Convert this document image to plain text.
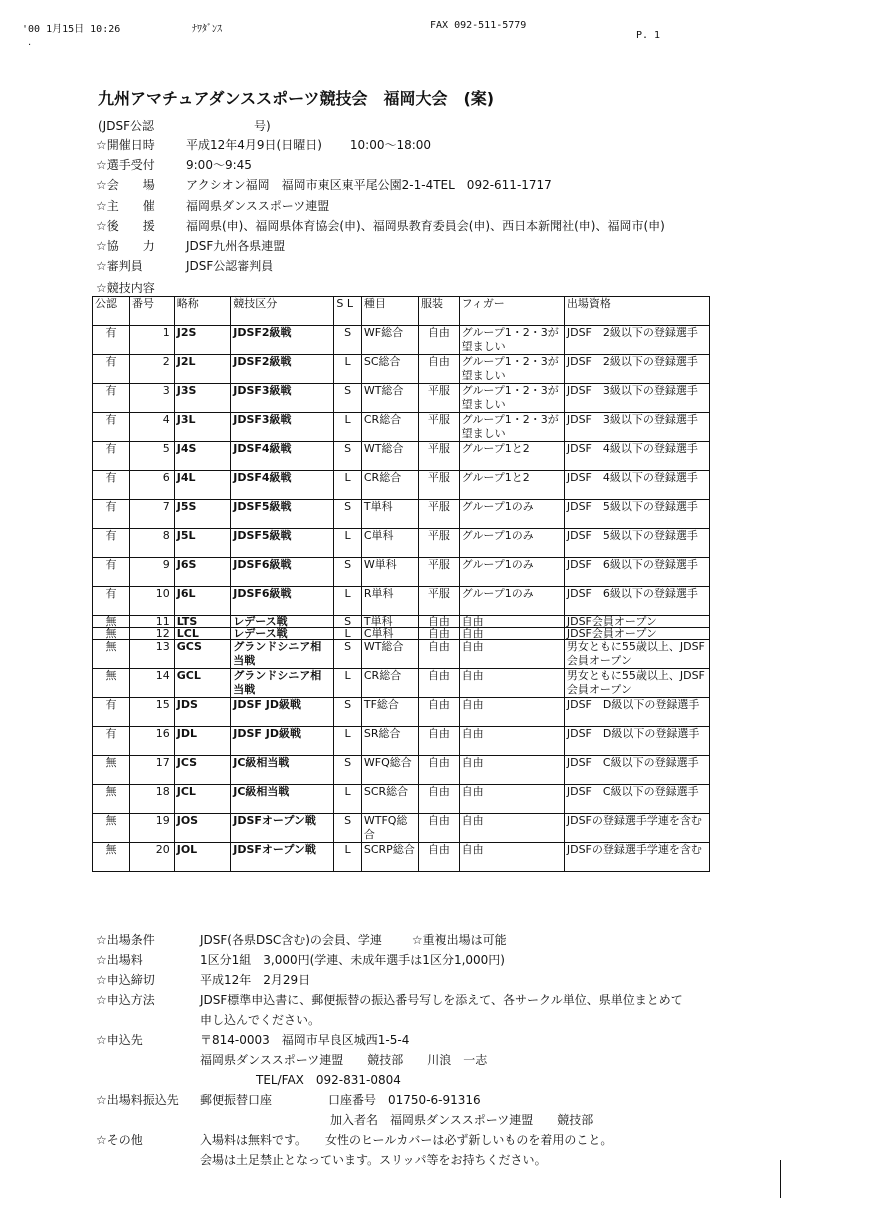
'00 1月15日 10:26	ﾅﾜﾀﾞﾝｽ	FAX 092-511-5779
P. 1
·
九州アマチュアダンススポーツ競技会　福岡大会　(案)
(JDSF公認	号)
☆開催日時	平成12年4月9日(日曜日) 10:00〜18:00
☆選手受付	9:00〜9:45
☆会　　場	アクシオン福岡　福岡市東区東平尾公園2-1-4TEL　092-611-1717
☆主　　催	福岡県ダンススポーツ連盟
☆後　　援	福岡県(申)、福岡県体育協会(申)、福岡県教育委員会(申)、西日本新聞社(申)、福岡市(申)
☆協　　力	JDSF九州各県連盟
☆審判員	JDSF公認審判員
☆競技内容
公認	番号	略称	競技区分	S L	種目	服装	フィガー	出場資格
有	1	J2S	JDSF2級戦	S	WF総合	自由	グループ1・2・3が望ましい	JDSF　2級以下の登録選手
有	2	J2L	JDSF2級戦	L	SC総合	自由	グループ1・2・3が望ましい	JDSF　2級以下の登録選手
有	3	J3S	JDSF3級戦	S	WT総合	平服	グループ1・2・3が望ましい	JDSF　3級以下の登録選手
有	4	J3L	JDSF3級戦	L	CR総合	平服	グループ1・2・3が望ましい	JDSF　3級以下の登録選手
有	5	J4S	JDSF4級戦	S	WT総合	平服	グループ1と2	JDSF　4級以下の登録選手
有	6	J4L	JDSF4級戦	L	CR総合	平服	グループ1と2	JDSF　4級以下の登録選手
有	7	J5S	JDSF5級戦	S	T単科	平服	グループ1のみ	JDSF　5級以下の登録選手
有	8	J5L	JDSF5級戦	L	C単科	平服	グループ1のみ	JDSF　5級以下の登録選手
有	9	J6S	JDSF6級戦	S	W単科	平服	グループ1のみ	JDSF　6級以下の登録選手
有	10	J6L	JDSF6級戦	L	R単科	平服	グループ1のみ	JDSF　6級以下の登録選手
無	11	LTS	レデース戦	S	T単科	自由	自由	JDSF会員オープン
無	12	LCL	レデース戦	L	C単科	自由	自由	JDSF会員オープン
無	13	GCS	グランドシニア相当戦	S	WT総合	自由	自由	男女ともに55歳以上、JDSF会員オープン
無	14	GCL	グランドシニア相当戦	L	CR総合	自由	自由	男女ともに55歳以上、JDSF会員オープン
有	15	JDS	JDSF JD級戦	S	TF総合	自由	自由	JDSF　D級以下の登録選手
有	16	JDL	JDSF JD級戦	L	SR総合	自由	自由	JDSF　D級以下の登録選手
無	17	JCS	JC級相当戦	S	WFQ総合	自由	自由	JDSF　C級以下の登録選手
無	18	JCL	JC級相当戦	L	SCR総合	自由	自由	JDSF　C級以下の登録選手
無	19	JOS	JDSFオープン戦	S	WTFQ総合	自由	自由	JDSFの登録選手学連を含む
無	20	JOL	JDSFオープン戦	L	SCRP総合	自由	自由	JDSFの登録選手学連を含む
☆出場条件	JDSF(各県DSC含む)の会員、学連	☆重複出場は可能
☆出場料	1区分1組　3,000円(学連、未成年選手は1区分1,000円)
☆申込締切	平成12年　2月29日
☆申込方法	JDSF標準申込書に、郵便振替の振込番号写しを添えて、各サークル単位、県単位まとめて
申し込んでください。
☆申込先	〒814-0003　福岡市早良区城西1-5-4
福岡県ダンススポーツ連盟　　競技部　　川浪　一志
TEL/FAX　092-831-0804
☆出場料振込先	郵便振替口座	口座番号　01750-6-91316
加入者名　福岡県ダンススポーツ連盟　　競技部
☆その他	入場料は無料です。　　女性のヒールカバーは必ず新しいものを着用のこと。
会場は土足禁止となっています。スリッパ等をお持ちください。
